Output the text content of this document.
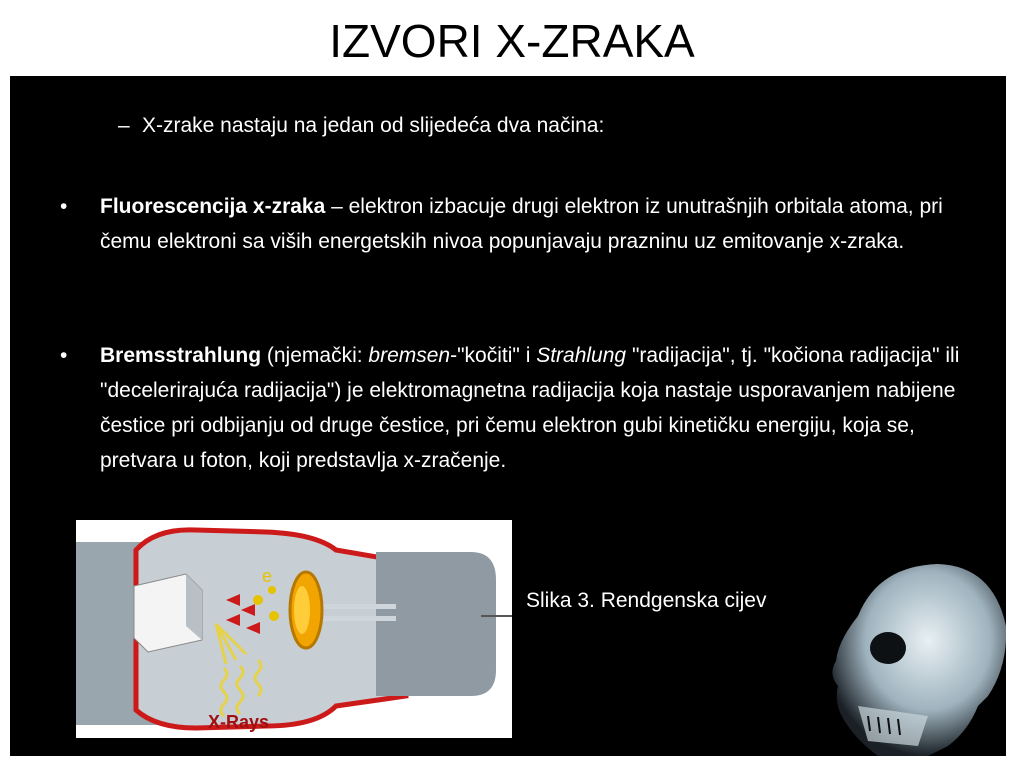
IZVORI X-ZRAKA
– X-zrake nastaju na jedan od slijedeća dva načina:
• Fluorescencija x-zraka – elektron izbacuje drugi elektron iz unutrašnjih orbitala atoma, pri čemu elektroni sa viših energetskih nivoa popunjavaju prazninu uz emitovanje x-zraka.
• Bremsstrahlung (njemački: bremsen-"kočiti" i Strahlung "radijacija", tj. "kočiona radijacija" ili "decelerirajuća radijacija") je elektromagnetna radijacija koja nastaje usporavanjem nabijene čestice pri odbijanju od druge čestice, pri čemu elektron gubi kinetičku energiju, koja se, pretvara u foton, koji predstavlja x-zračenje.
e
X-Rays
Slika 3. Rendgenska cijev
